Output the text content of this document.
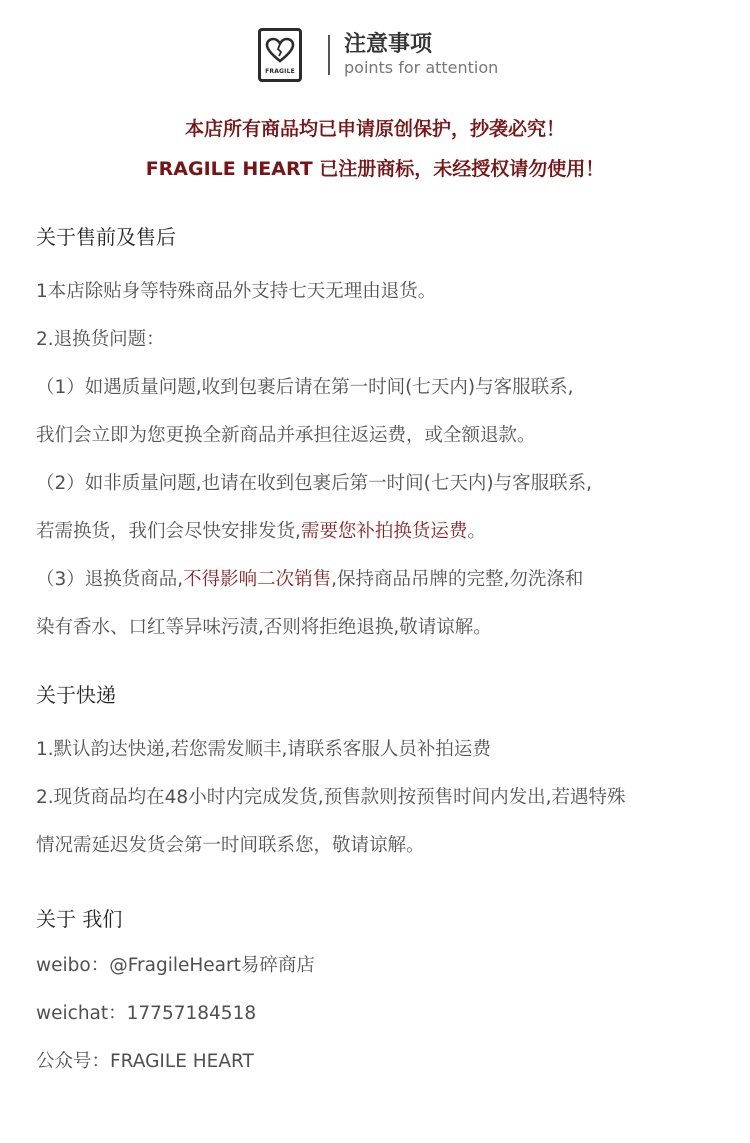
FRAGILE
注意事项
points for attention
本店所有商品均已申请原创保护，抄袭必究！
FRAGILE HEART 已注册商标，未经授权请勿使用！
关于售前及售后
1本店除贴身等特殊商品外支持七天无理由退货。
2.退换货问题：
（1）如遇质量问题,收到包裹后请在第一时间(七天内)与客服联系,
我们会立即为您更换全新商品并承担往返运费，或全额退款。
（2）如非质量问题,也请在收到包裹后第一时间(七天内)与客服联系,
若需换货，我们会尽快安排发货,需要您补拍换货运费。
（3）退换货商品,不得影响二次销售,保持商品吊牌的完整,勿洗涤和
染有香水、口红等异味污渍,否则将拒绝退换,敬请谅解。
关于快递
1.默认韵达快递,若您需发顺丰,请联系客服人员补拍运费
2.现货商品均在48小时内完成发货,预售款则按预售时间内发出,若遇特殊
情况需延迟发货会第一时间联系您，敬请谅解。
关于 我们
weibo：@FragileHeart易碎商店
weichat：17757184518
公众号：FRAGILE HEART
